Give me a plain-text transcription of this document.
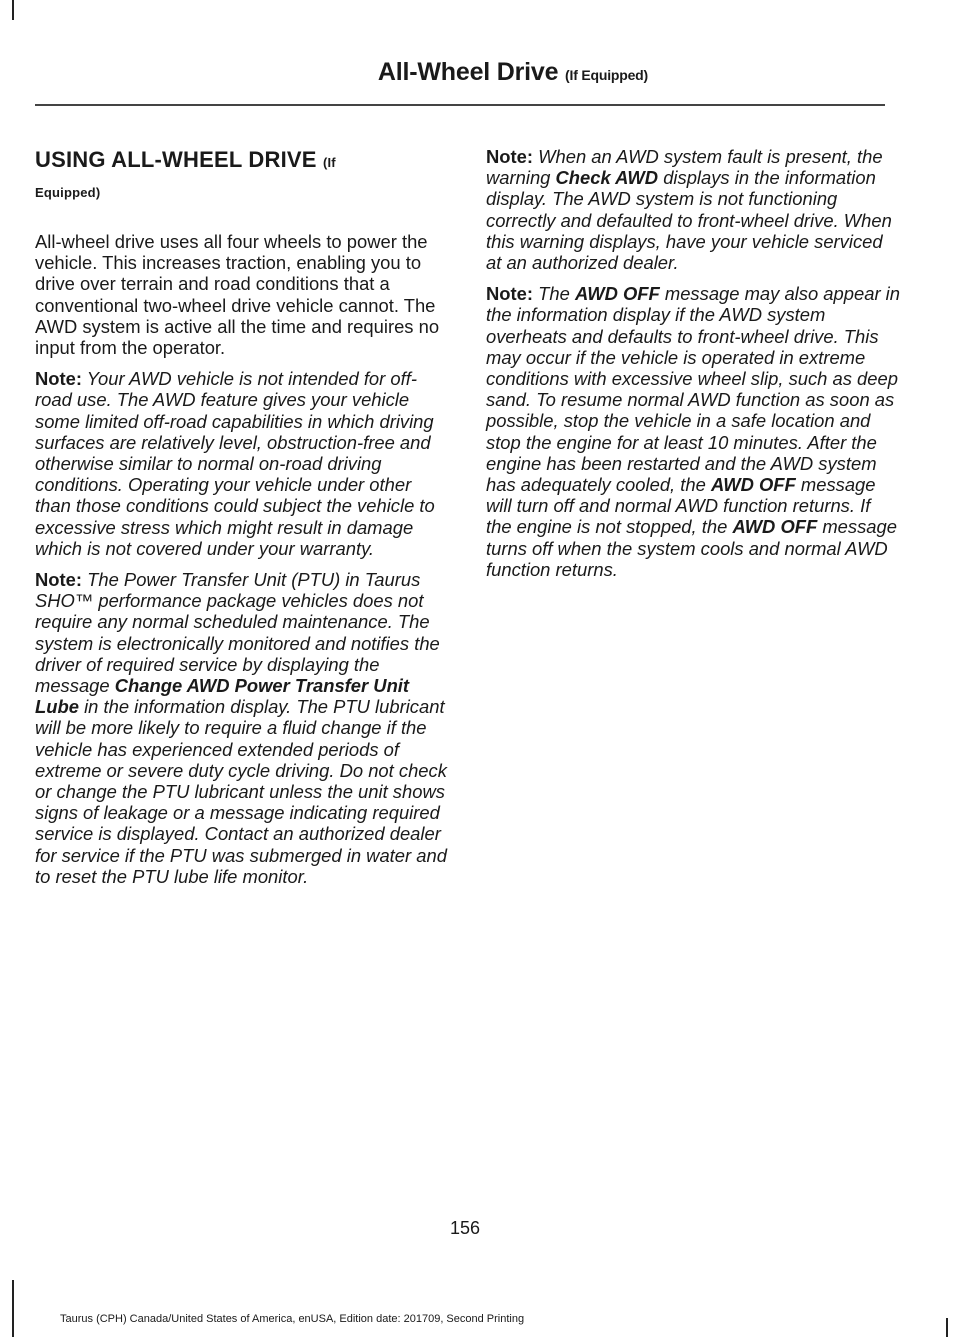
All-Wheel Drive (If Equipped)
USING ALL-WHEEL DRIVE (If
Equipped)

All-wheel drive uses all four wheels to power the vehicle. This increases traction, enabling you to drive over terrain and road conditions that a conventional two-wheel drive vehicle cannot. The AWD system is active all the time and requires no input from the operator.

Note: Your AWD vehicle is not intended for off-road use. The AWD feature gives your vehicle some limited off-road capabilities in which driving surfaces are relatively level, obstruction-free and otherwise similar to normal on-road driving conditions. Operating your vehicle under other than those conditions could subject the vehicle to excessive stress which might result in damage which is not covered under your warranty.

Note: The Power Transfer Unit (PTU) in Taurus SHO™ performance package vehicles does not require any normal scheduled maintenance. The system is electronically monitored and notifies the driver of required service by displaying the message Change AWD Power Transfer Unit Lube in the information display. The PTU lubricant will be more likely to require a fluid change if the vehicle has experienced extended periods of extreme or severe duty cycle driving. Do not check or change the PTU lubricant unless the unit shows signs of leakage or a message indicating required service is displayed. Contact an authorized dealer for service if the PTU was submerged in water and to reset the PTU lube life monitor.

Note: When an AWD system fault is present, the warning Check AWD displays in the information display. The AWD system is not functioning correctly and defaulted to front-wheel drive. When this warning displays, have your vehicle serviced at an authorized dealer.

Note: The AWD OFF message may also appear in the information display if the AWD system overheats and defaults to front-wheel drive. This may occur if the vehicle is operated in extreme conditions with excessive wheel slip, such as deep sand. To resume normal AWD function as soon as possible, stop the vehicle in a safe location and stop the engine for at least 10 minutes. After the engine has been restarted and the AWD system has adequately cooled, the AWD OFF message will turn off and normal AWD function returns. If the engine is not stopped, the AWD OFF message turns off when the system cools and normal AWD function returns.

156
Taurus (CPH) Canada/United States of America, enUSA, Edition date: 201709, Second Printing
